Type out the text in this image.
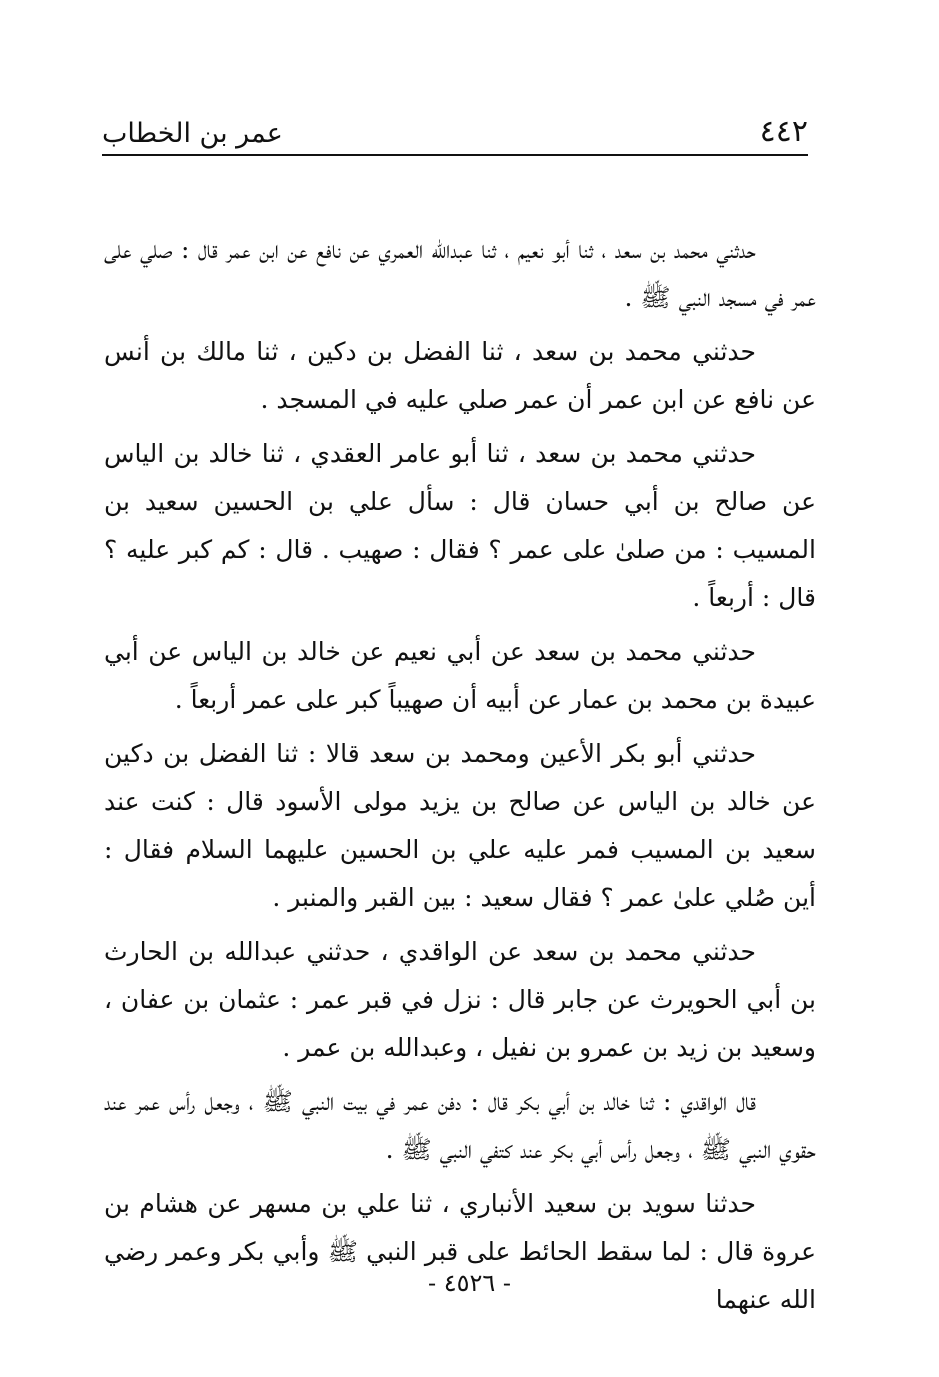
٤٤٢
عمر بن الخطاب

حدثني محمد بن سعد ، ثنا أبو نعيم ، ثنا عبدالله العمري عن نافع عن ابن عمر قال : صلي على عمر في مسجد النبي ﷺ .

حدثني محمد بن سعد ، ثنا الفضل بن دكين ، ثنا مالك بن أنس عن نافع عن ابن عمر أن عمر صلي عليه في المسجد .

حدثني محمد بن سعد ، ثنا أبو عامر العقدي ، ثنا خالد بن الياس عن صالح بن أبي حسان قال : سأل علي بن الحسين سعيد بن المسيب : من صلىٰ على عمر ؟ فقال : صهيب . قال : كم كبر عليه ؟ قال : أربعاً .

حدثني محمد بن سعد عن أبي نعيم عن خالد بن الياس عن أبي عبيدة بن محمد بن عمار عن أبيه أن صهيباً كبر على عمر أربعاً .

حدثني أبو بكر الأعين ومحمد بن سعد قالا : ثنا الفضل بن دكين عن خالد بن الياس عن صالح بن يزيد مولى الأسود قال : كنت عند سعيد بن المسيب فمر عليه علي بن الحسين عليهما السلام فقال : أين صُلي علىٰ عمر ؟ فقال سعيد : بين القبر والمنبر .

حدثني محمد بن سعد عن الواقدي ، حدثني عبدالله بن الحارث بن أبي الحويرث عن جابر قال : نزل في قبر عمر : عثمان بن عفان ، وسعيد بن زيد بن عمرو بن نفيل ، وعبدالله بن عمر .

قال الواقدي : ثنا خالد بن أبي بكر قال : دفن عمر في بيت النبي ﷺ ، وجعل رأس عمر عند حقوي النبي ﷺ ، وجعل رأس أبي بكر عند كتفي النبي ﷺ .

حدثنا سويد بن سعيد الأنباري ، ثنا علي بن مسهر عن هشام بن عروة قال : لما سقط الحائط على قبر النبي ﷺ وأبي بكر وعمر رضي الله عنهما

- ٤٥٢٦ -
